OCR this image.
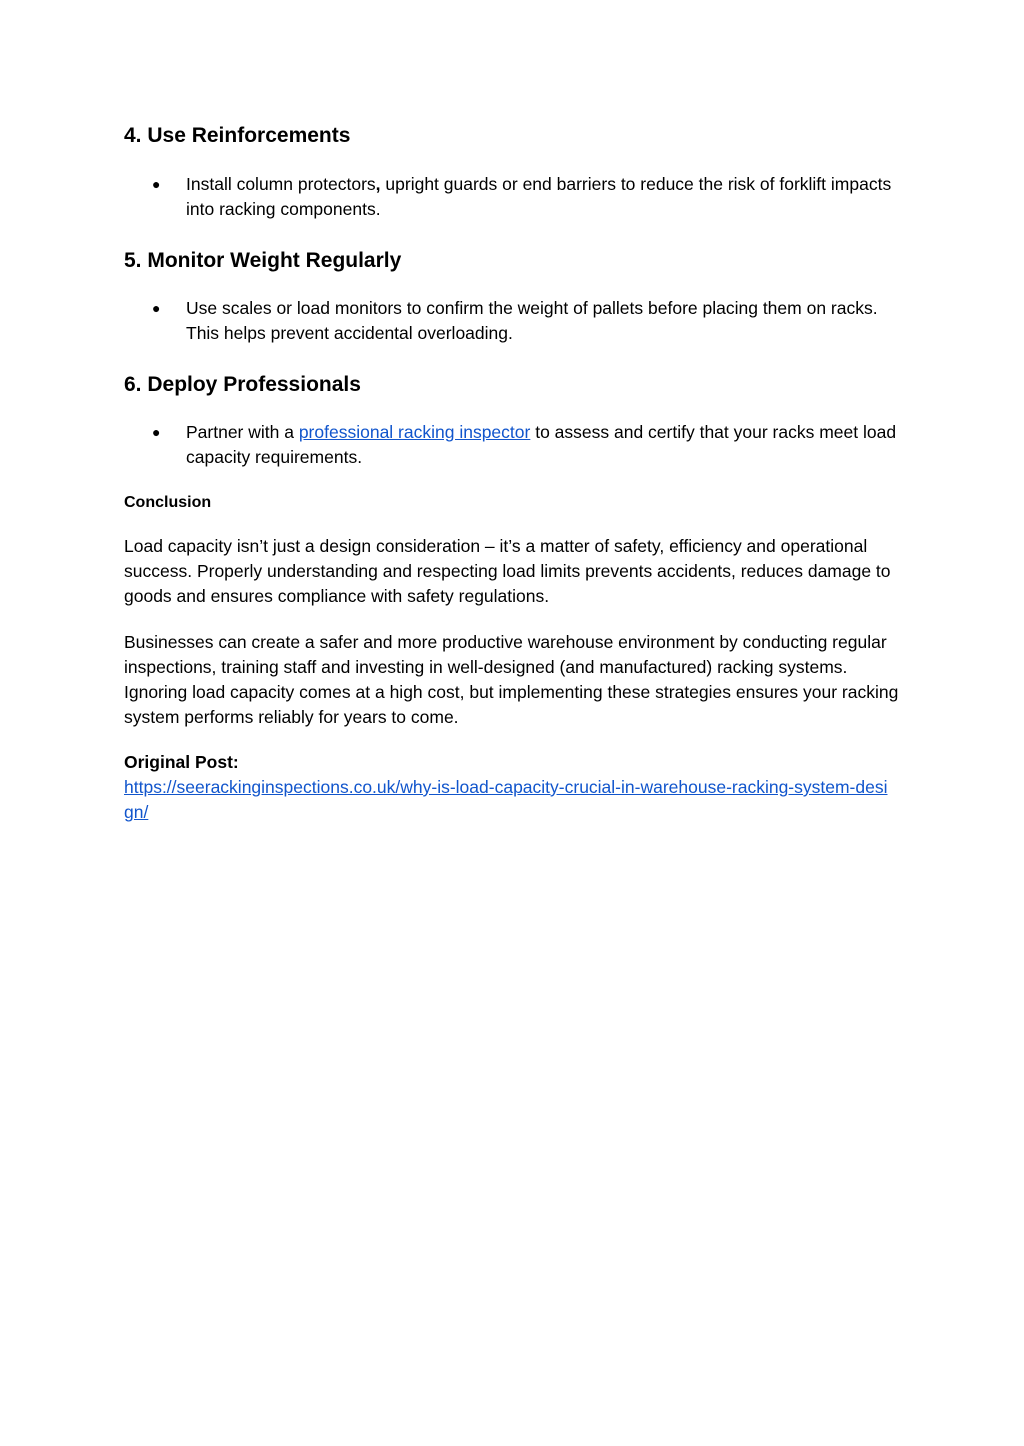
4. Use Reinforcements
● Install column protectors, upright guards or end barriers to reduce the risk of forklift impacts into racking components.
5. Monitor Weight Regularly
● Use scales or load monitors to confirm the weight of pallets before placing them on racks. This helps prevent accidental overloading.
6. Deploy Professionals
● Partner with a professional racking inspector to assess and certify that your racks meet load capacity requirements.
Conclusion
Load capacity isn’t just a design consideration – it’s a matter of safety, efficiency and operational success. Properly understanding and respecting load limits prevents accidents, reduces damage to goods and ensures compliance with safety regulations.
Businesses can create a safer and more productive warehouse environment by conducting regular inspections, training staff and investing in well-designed (and manufactured) racking systems. Ignoring load capacity comes at a high cost, but implementing these strategies ensures your racking system performs reliably for years to come.
Original Post:
https://seerackinginspections.co.uk/why-is-load-capacity-crucial-in-warehouse-racking-system-design/
